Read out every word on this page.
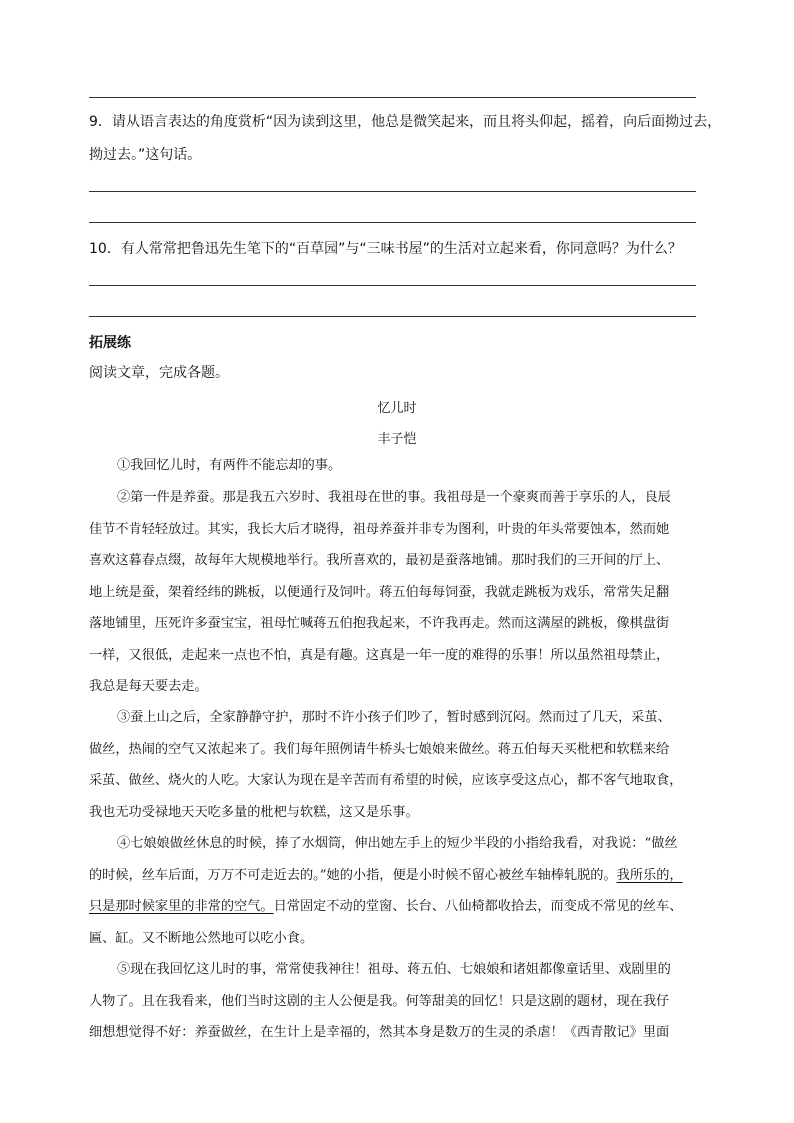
9．请从语言表达的角度赏析“因为读到这里，他总是微笑起来，而且将头仰起，摇着，向后面拗过去，
拗过去。”这句话。
10．有人常常把鲁迅先生笔下的“百草园”与“三味书屋”的生活对立起来看，你同意吗？为什么？
拓展练
阅读文章，完成各题。
忆儿时
丰子恺
①我回忆儿时，有两件不能忘却的事。
②第一件是养蚕。那是我五六岁时、我祖母在世的事。我祖母是一个豪爽而善于享乐的人，良辰
佳节不肯轻轻放过。其实，我长大后才晓得，祖母养蚕并非专为图利，叶贵的年头常要蚀本，然而她
喜欢这暮春点缀，故每年大规模地举行。我所喜欢的，最初是蚕落地铺。那时我们的三开间的厅上、
地上统是蚕，架着经纬的跳板，以便通行及饲叶。蒋五伯每每饲蚕，我就走跳板为戏乐，常常失足翻
落地铺里，压死许多蚕宝宝，祖母忙喊蒋五伯抱我起来，不许我再走。然而这满屋的跳板，像棋盘街
一样，又很低，走起来一点也不怕，真是有趣。这真是一年一度的难得的乐事！所以虽然祖母禁止，
我总是每天要去走。
③蚕上山之后，全家静静守护，那时不许小孩子们吵了，暂时感到沉闷。然而过了几天，采茧、
做丝，热闹的空气又浓起来了。我们每年照例请牛桥头七娘娘来做丝。蒋五伯每天买枇杷和软糕来给
采茧、做丝、烧火的人吃。大家认为现在是辛苦而有希望的时候，应该享受这点心，都不客气地取食，
我也无功受禄地天天吃多量的枇杷与软糕，这又是乐事。
④七娘娘做丝休息的时候，捧了水烟筒，伸出她左手上的短少半段的小指给我看，对我说：“做丝
的时候，丝车后面，万万不可走近去的。”她的小指，便是小时候不留心被丝车轴棒轧脱的。我所乐的，
只是那时候家里的非常的空气。日常固定不动的堂窗、长台、八仙椅都收拾去，而变成不常见的丝车、
匾、缸。又不断地公然地可以吃小食。
⑤现在我回忆这儿时的事，常常使我神往！祖母、蒋五伯、七娘娘和诸姐都像童话里、戏剧里的
人物了。且在我看来，他们当时这剧的主人公便是我。何等甜美的回忆！只是这剧的题材，现在我仔
细想想觉得不好：养蚕做丝，在生计上是幸福的，然其本身是数万的生灵的杀虐！《西青散记》里面
